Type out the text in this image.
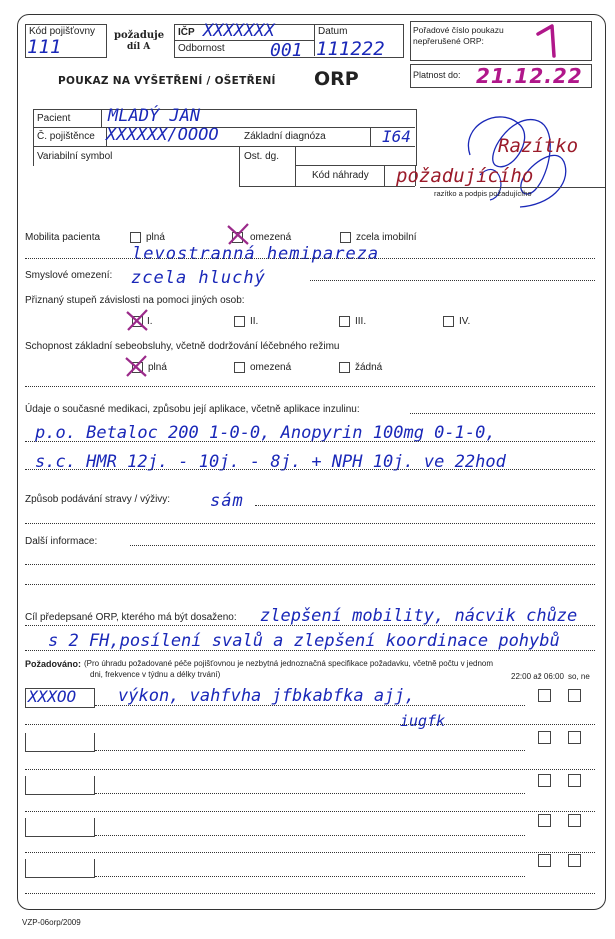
Kód pojišťovny
111
požaduje
díl A
IČP XXXXXXX
Odbornost	001
Datum
111222
Pořadové číslo poukazu nepřerušené ORP:
POUKAZ NA VYŠETŘENÍ / OŠETŘENÍ ORP	Platnost do: 21.12.22
Pacient MLADÝ JAN
Č. pojištěnce XXXXXX/OOOO	Základní diagnóza	I64
Variabilní symbol	Ost. dg.
Kód náhrady
Razítko
požadujícího
razítko a podpis požadujícího
Mobilita pacienta	plná	omezená	zcela imobilní
levostranná hemipareza
Smyslové omezení: zcela hluchý
Přiznaný stupeň závislosti na pomoci jiných osob:
I.	II.	III.	IV.
Schopnost základní sebeobsluhy, včetně dodržování léčebného režimu
plná	omezená	žádná
Údaje o současné medikaci, způsobu její aplikace, včetně aplikace inzulinu:
p.o. Betaloc 200 1-0-0, Anopyrin 100mg 0-1-0,
s.c. HMR 12j. - 10j. - 8j. + NPH 10j. ve 22hod
Způsob podávání stravy / výživy: sám
Další informace:
Cíl předepsané ORP, kterého má být dosaženo: zlepšení mobility, nácvik chůze
s 2 FH,posílení svalů a zlepšení koordinace pohybů
Požadováno: (Pro úhradu požadované péče pojišťovnou je nezbytná jednoznačná specifikace požadavku, včetně počtu v jednom
dni, frekvence v týdnu a délky trvání)	22:00 až 06:00 so, ne
XXXOO výkon, vahfvha jfbkabfka ajj,
iugfk
VZP-06orp/2009
